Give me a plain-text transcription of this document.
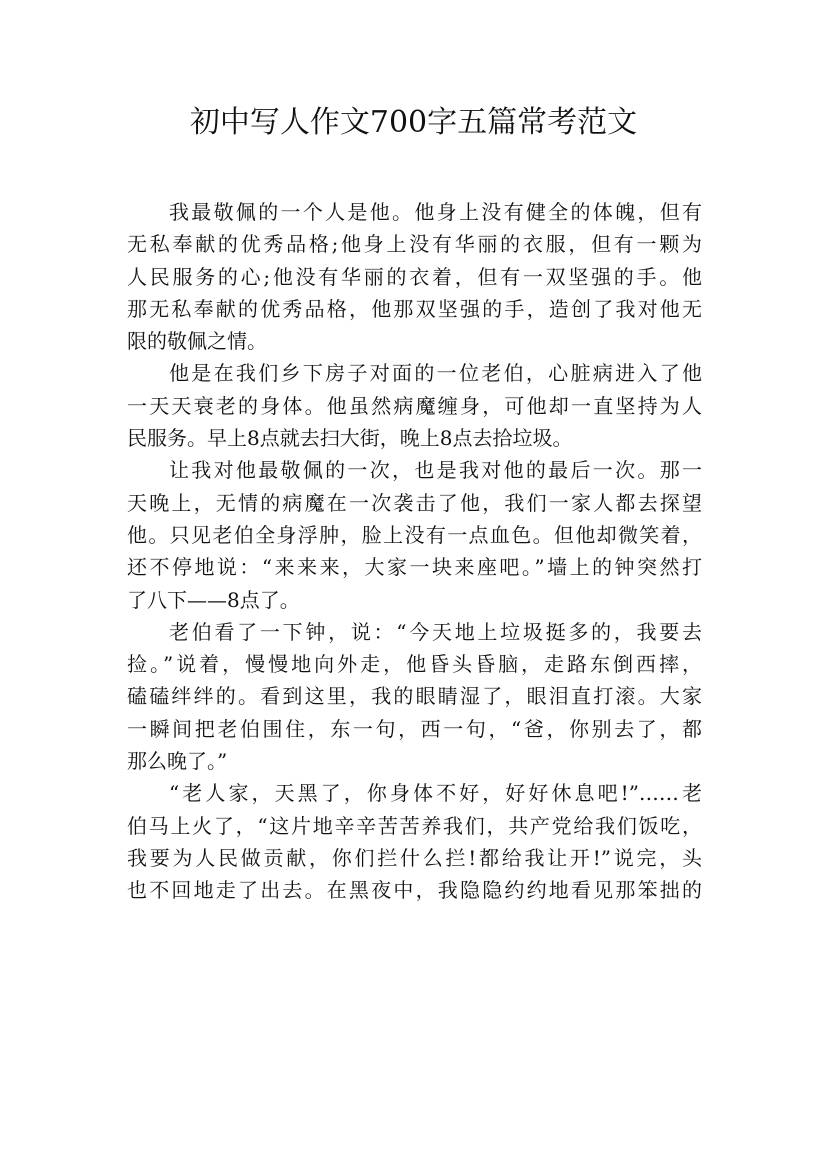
初中写人作文700字五篇常考范文

我最敬佩的一个人是他。他身上没有健全的体魄，但有
无私奉献的优秀品格;他身上没有华丽的衣服，但有一颗为
人民服务的心;他没有华丽的衣着，但有一双坚强的手。他
那无私奉献的优秀品格，他那双坚强的手，造创了我对他无
限的敬佩之情。

他是在我们乡下房子对面的一位老伯，心脏病进入了他
一天天衰老的身体。他虽然病魔缠身，可他却一直坚持为人
民服务。早上8点就去扫大街，晚上8点去拾垃圾。

让我对他最敬佩的一次，也是我对他的最后一次。那一
天晚上，无情的病魔在一次袭击了他，我们一家人都去探望
他。只见老伯全身浮肿，脸上没有一点血色。但他却微笑着，
还不停地说：“来来来，大家一块来座吧。”墙上的钟突然打
了八下——8点了。

老伯看了一下钟，说：“今天地上垃圾挺多的，我要去
捡。”说着，慢慢地向外走，他昏头昏脑，走路东倒西摔，
磕磕绊绊的。看到这里，我的眼睛湿了，眼泪直打滚。大家
一瞬间把老伯围住，东一句，西一句，“爸，你别去了，都
那么晚了。”

“老人家，天黑了，你身体不好，好好休息吧!”……老
伯马上火了，“这片地辛辛苦苦养我们，共产党给我们饭吃，
我要为人民做贡献，你们拦什么拦!都给我让开!”说完，头
也不回地走了出去。在黑夜中，我隐隐约约地看见那笨拙的
